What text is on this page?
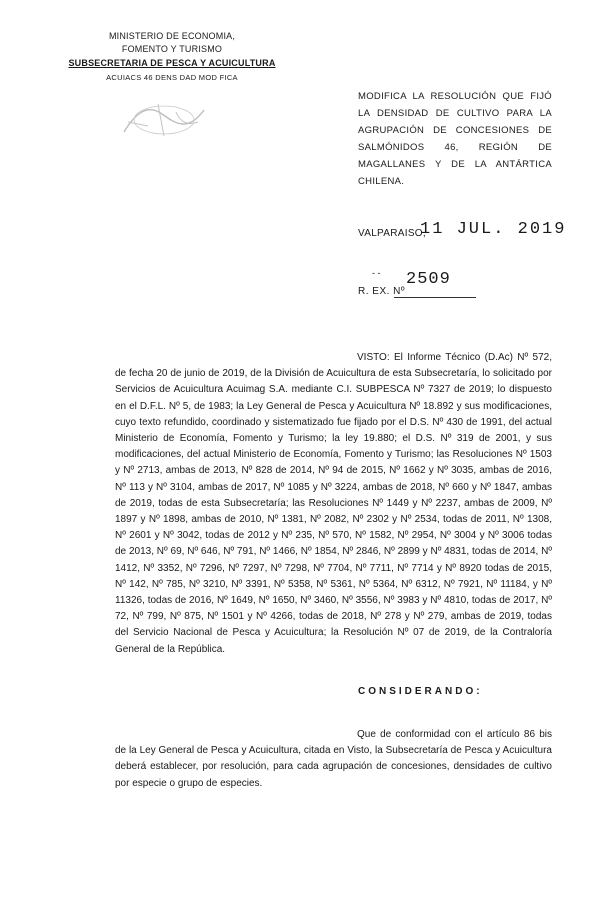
MINISTERIO DE ECONOMIA,
FOMENTO Y TURISMO
SUBSECRETARIA DE PESCA Y ACUICULTURA
ACUIACS 46 DENS DAD MOD FICA
MODIFICA LA RESOLUCIÓN QUE FIJÓ LA DENSIDAD DE CULTIVO PARA LA AGRUPACIÓN DE CONCESIONES DE SALMÓNIDOS 46, REGIÓN DE MAGALLANES Y DE LA ANTÁRTICA CHILENA.
VALPARAISO,
11 JUL. 2019
- - 2509
R. EX. Nº
VISTO: El Informe Técnico (D.Ac) Nº 572, de fecha 20 de junio de 2019, de la División de Acuicultura de esta Subsecretaría, lo solicitado por Servicios de Acuicultura Acuimag S.A. mediante C.I. SUBPESCA Nº 7327 de 2019; lo dispuesto en el D.F.L. Nº 5, de 1983; la Ley General de Pesca y Acuicultura Nº 18.892 y sus modificaciones, cuyo texto refundido, coordinado y sistematizado fue fijado por el D.S. Nº 430 de 1991, del actual Ministerio de Economía, Fomento y Turismo; la ley 19.880; el D.S. Nº 319 de 2001, y sus modificaciones, del actual Ministerio de Economía, Fomento y Turismo; las Resoluciones Nº 1503 y Nº 2713, ambas de 2013, Nº 828 de 2014, Nº 94 de 2015, Nº 1662 y Nº 3035, ambas de 2016, Nº 113 y Nº 3104, ambas de 2017, Nº 1085 y Nº 3224, ambas de 2018, Nº 660 y Nº 1847, ambas de 2019, todas de esta Subsecretaría; las Resoluciones Nº 1449 y Nº 2237, ambas de 2009, Nº 1897 y Nº 1898, ambas de 2010, Nº 1381, Nº 2082, Nº 2302 y Nº 2534, todas de 2011, Nº 1308, Nº 2601 y Nº 3042, todas de 2012 y Nº 235, Nº 570, Nº 1582, Nº 2954, Nº 3004 y Nº 3006 todas de 2013, Nº 69, Nº 646, Nº 791, Nº 1466, Nº 1854, Nº 2846, Nº 2899 y Nº 4831, todas de 2014, Nº 1412, Nº 3352, Nº 7296, Nº 7297, Nº 7298, Nº 7704, Nº 7711, Nº 7714 y Nº 8920 todas de 2015, Nº 142, Nº 785, Nº 3210, Nº 3391, Nº 5358, Nº 5361, Nº 5364, Nº 6312, Nº 7921, Nº 11184, y Nº 11326, todas de 2016, Nº 1649, Nº 1650, Nº 3460, Nº 3556, Nº 3983 y Nº 4810, todas de 2017, Nº 72, Nº 799, Nº 875, Nº 1501 y Nº 4266, todas de 2018, Nº 278 y Nº 279, ambas de 2019, todas del Servicio Nacional de Pesca y Acuicultura; la Resolución Nº 07 de 2019, de la Contraloría General de la República.
CONSIDERANDO:
Que de conformidad con el artículo 86 bis de la Ley General de Pesca y Acuicultura, citada en Visto, la Subsecretaría de Pesca y Acuicultura deberá establecer, por resolución, para cada agrupación de concesiones, densidades de cultivo por especie o grupo de especies.
